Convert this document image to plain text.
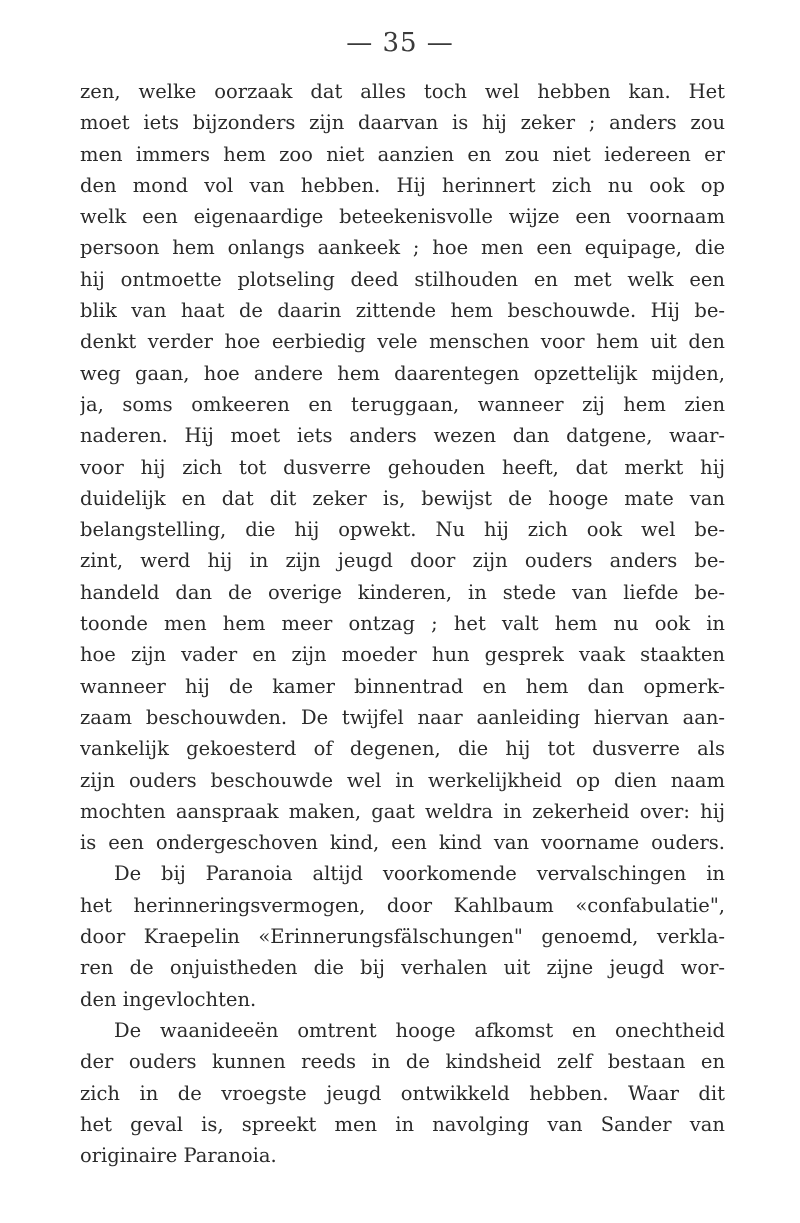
— 35 —
zen, welke oorzaak dat alles toch wel hebben kan. Het
moet iets bijzonders zijn daarvan is hij zeker ; anders zou
men immers hem zoo niet aanzien en zou niet iedereen er
den mond vol van hebben. Hij herinnert zich nu ook op
welk een eigenaardige beteekenisvolle wijze een voornaam
persoon hem onlangs aankeek ; hoe men een equipage, die
hij ontmoette plotseling deed stilhouden en met welk een
blik van haat de daarin zittende hem beschouwde. Hij be-
denkt verder hoe eerbiedig vele menschen voor hem uit den
weg gaan, hoe andere hem daarentegen opzettelijk mijden,
ja, soms omkeeren en teruggaan, wanneer zij hem zien
naderen. Hij moet iets anders wezen dan datgene, waar-
voor hij zich tot dusverre gehouden heeft, dat merkt hij
duidelijk en dat dit zeker is, bewijst de hooge mate van
belangstelling, die hij opwekt. Nu hij zich ook wel be-
zint, werd hij in zijn jeugd door zijn ouders anders be-
handeld dan de overige kinderen, in stede van liefde be-
toonde men hem meer ontzag ; het valt hem nu ook in
hoe zijn vader en zijn moeder hun gesprek vaak staakten
wanneer hij de kamer binnentrad en hem dan opmerk-
zaam beschouwden. De twijfel naar aanleiding hiervan aan-
vankelijk gekoesterd of degenen, die hij tot dusverre als
zijn ouders beschouwde wel in werkelijkheid op dien naam
mochten aanspraak maken, gaat weldra in zekerheid over: hij
is een ondergeschoven kind, een kind van voorname ouders.
De bij Paranoia altijd voorkomende vervalschingen in
het herinneringsvermogen, door Kahlbaum «confabulatie",
door Kraepelin «Erinnerungsfälschungen" genoemd, verkla-
ren de onjuistheden die bij verhalen uit zijne jeugd wor-
den ingevlochten.
De waanideeën omtrent hooge afkomst en onechtheid
der ouders kunnen reeds in de kindsheid zelf bestaan en
zich in de vroegste jeugd ontwikkeld hebben. Waar dit
het geval is, spreekt men in navolging van Sander van
originaire Paranoia.
